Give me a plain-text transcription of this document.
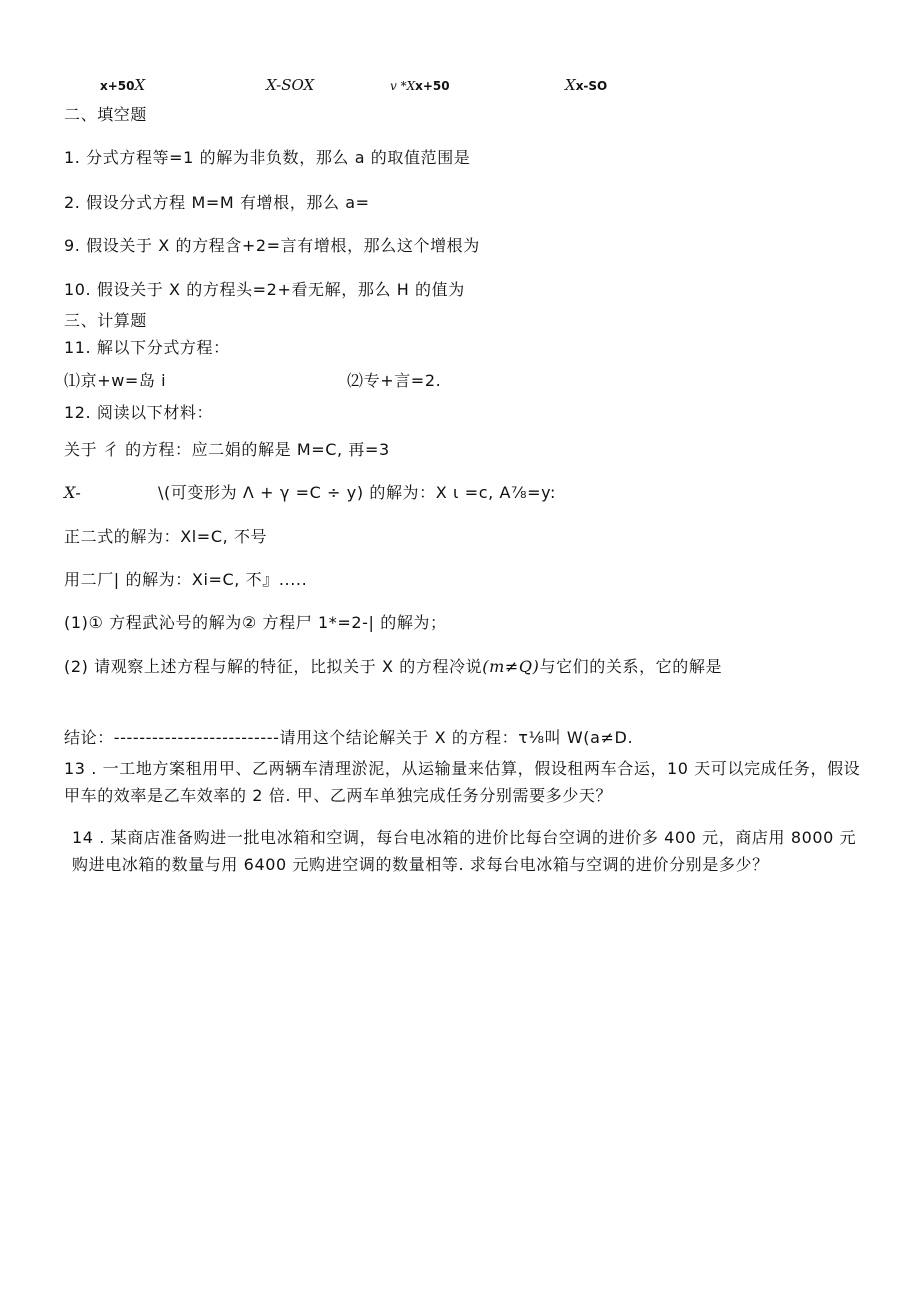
x+50X	X-SOX	v *Xx+50	Xx-SO
二、填空题
1. 分式方程等=1 的解为非负数，那么 a 的取值范围是
2. 假设分式方程 M=M 有增根，那么 a=
9. 假设关于 X 的方程含+2=言有增根，那么这个增根为
10. 假设关于 X 的方程头=2+看无解，那么 H 的值为
三、计算题
11. 解以下分式方程：
⑴京+w=岛 i	⑵专+言=2.
12. 阅读以下材料：
关于 彳 的方程：应二娟的解是 M=C, 再=3
X-	\(可变形为 Λ + γ =C ÷ y) 的解为：X ι =c, A⅞=y:
正二式的解为：Xl=C, 不号
用二厂| 的解为：Xi=C, 不』.....
(1)① 方程武沁号的解为② 方程尸 1*=2-| 的解为；
(2) 请观察上述方程与解的特征，比拟关于 X 的方程冷说(m≠Q)与它们的关系，它的解是
结论：--------------------------请用这个结论解关于 X 的方程：τ⅛叫 W(a≠D.
13 . 一工地方案租用甲、乙两辆车清理淤泥，从运输量来估算，假设租两车合运，10 天可以完成任务，假设甲车的效率是乙车效率的 2 倍. 甲、乙两车单独完成任务分别需要多少天？
14 . 某商店准备购进一批电冰箱和空调，每台电冰箱的进价比每台空调的进价多 400 元，商店用 8000 元购进电冰箱的数量与用 6400 元购进空调的数量相等. 求每台电冰箱与空调的进价分别是多少？
